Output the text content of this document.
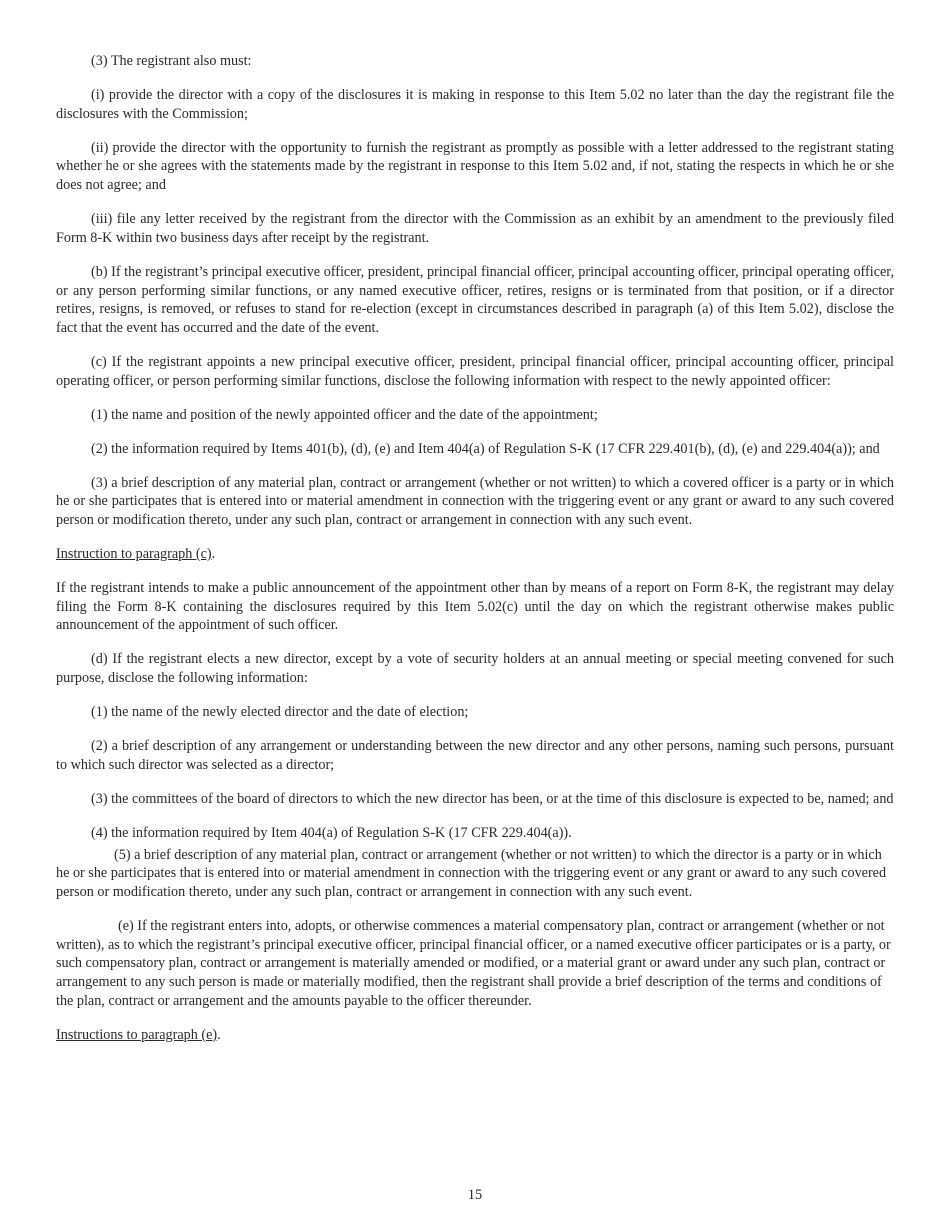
(3) The registrant also must:

(i) provide the director with a copy of the disclosures it is making in response to this Item 5.02 no later than the day the registrant file the disclosures with the Commission;

(ii) provide the director with the opportunity to furnish the registrant as promptly as possible with a letter addressed to the registrant stating whether he or she agrees with the statements made by the registrant in response to this Item 5.02 and, if not, stating the respects in which he or she does not agree; and

(iii) file any letter received by the registrant from the director with the Commission as an exhibit by an amendment to the previously filed Form 8-K within two business days after receipt by the registrant.

(b) If the registrant’s principal executive officer, president, principal financial officer, principal accounting officer, principal operating officer, or any person performing similar functions, or any named executive officer, retires, resigns or is terminated from that position, or if a director retires, resigns, is removed, or refuses to stand for re-election (except in circumstances described in paragraph (a) of this Item 5.02), disclose the fact that the event has occurred and the date of the event.

(c) If the registrant appoints a new principal executive officer, president, principal financial officer, principal accounting officer, principal operating officer, or person performing similar functions, disclose the following information with respect to the newly appointed officer:

(1) the name and position of the newly appointed officer and the date of the appointment;

(2) the information required by Items 401(b), (d), (e) and Item 404(a) of Regulation S-K (17 CFR 229.401(b), (d), (e) and 229.404(a)); and

(3) a brief description of any material plan, contract or arrangement (whether or not written) to which a covered officer is a party or in which he or she participates that is entered into or material amendment in connection with the triggering event or any grant or award to any such covered person or modification thereto, under any such plan, contract or arrangement in connection with any such event.

Instruction to paragraph (c).

If the registrant intends to make a public announcement of the appointment other than by means of a report on Form 8-K, the registrant may delay filing the Form 8-K containing the disclosures required by this Item 5.02(c) until the day on which the registrant otherwise makes public announcement of the appointment of such officer.

(d) If the registrant elects a new director, except by a vote of security holders at an annual meeting or special meeting convened for such purpose, disclose the following information:

(1) the name of the newly elected director and the date of election;

(2) a brief description of any arrangement or understanding between the new director and any other persons, naming such persons, pursuant to which such director was selected as a director;

(3) the committees of the board of directors to which the new director has been, or at the time of this disclosure is expected to be, named; and

(4) the information required by Item 404(a) of Regulation S-K (17 CFR 229.404(a)).

(5) a brief description of any material plan, contract or arrangement (whether or not written) to which the director is a party or in which he or she participates that is entered into or material amendment in connection with the triggering event or any grant or award to any such covered person or modification thereto, under any such plan, contract or arrangement in connection with any such event.

(e) If the registrant enters into, adopts, or otherwise commences a material compensatory plan, contract or arrangement (whether or not written), as to which the registrant’s principal executive officer, principal financial officer, or a named executive officer participates or is a party, or such compensatory plan, contract or arrangement is materially amended or modified, or a material grant or award under any such plan, contract or arrangement to any such person is made or materially modified, then the registrant shall provide a brief description of the terms and conditions of the plan, contract or arrangement and the amounts payable to the officer thereunder.

Instructions to paragraph (e).

15
